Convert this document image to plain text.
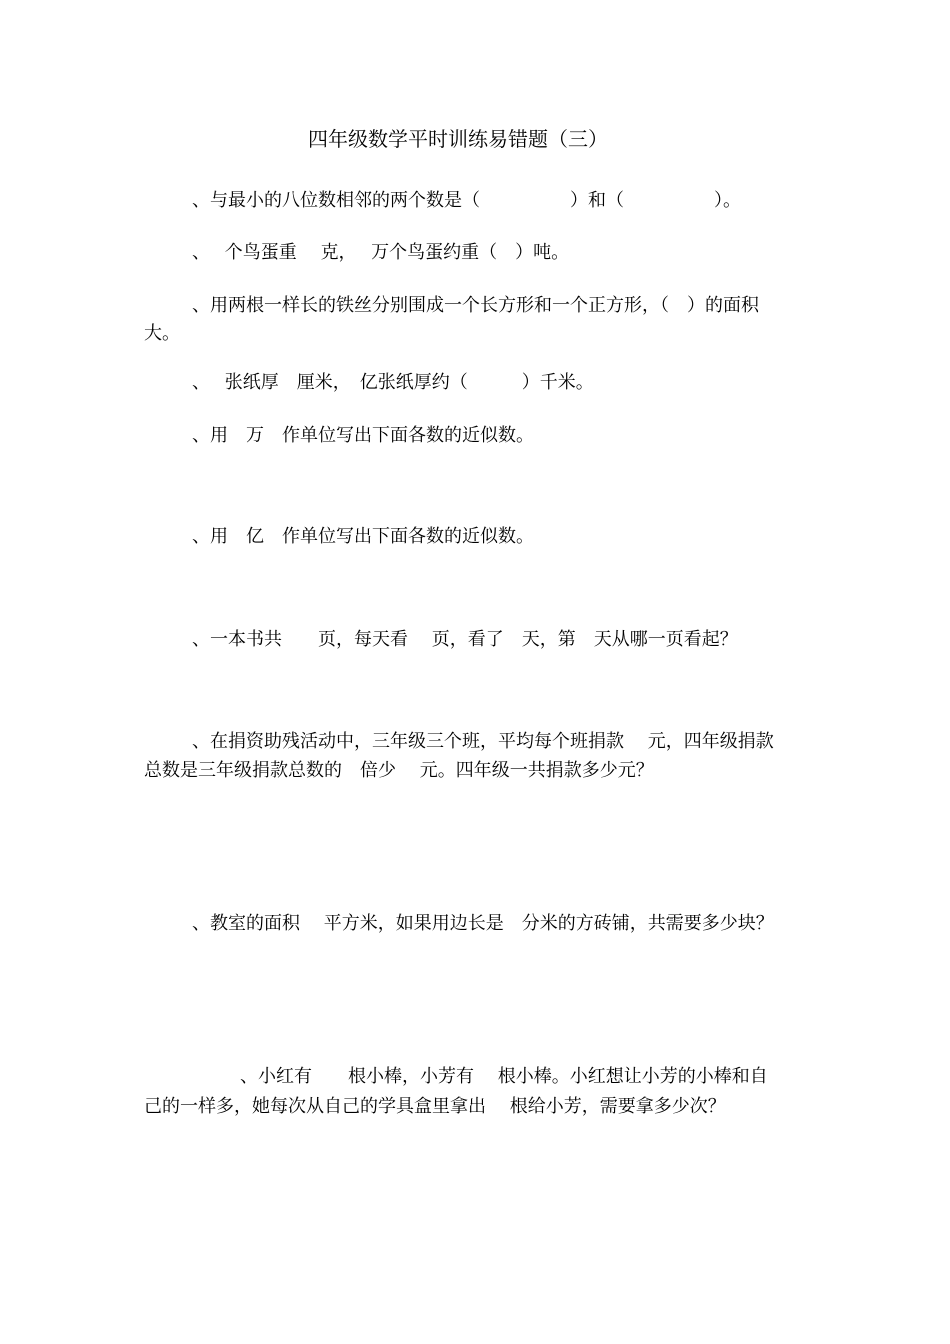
四年级数学平时训练易错题（三）
、与最小的八位数相邻的两个数是（　　　　　）和（　　　　　）。
、　 个鸟蛋重　 克，　 万个鸟蛋约重（　）吨。
、用两根一样长的铁丝分别围成一个长方形和一个正方形，（　）的面积
大。
、　 张纸厚　厘米，　亿张纸厚约（　　　）千米。
、用　万　作单位写出下面各数的近似数。
、用　亿　作单位写出下面各数的近似数。
、一本书共　　页，每天看　 页，看了　天，第　天从哪一页看起？
、在捐资助残活动中，三年级三个班，平均每个班捐款　 元，四年级捐款
总数是三年级捐款总数的　倍少　 元。四年级一共捐款多少元？
、教室的面积　 平方米，如果用边长是　分米的方砖铺，共需要多少块？
、小红有　　根小棒，小芳有　 根小棒。小红想让小芳的小棒和自
己的一样多，她每次从自己的学具盒里拿出　 根给小芳，需要拿多少次？
